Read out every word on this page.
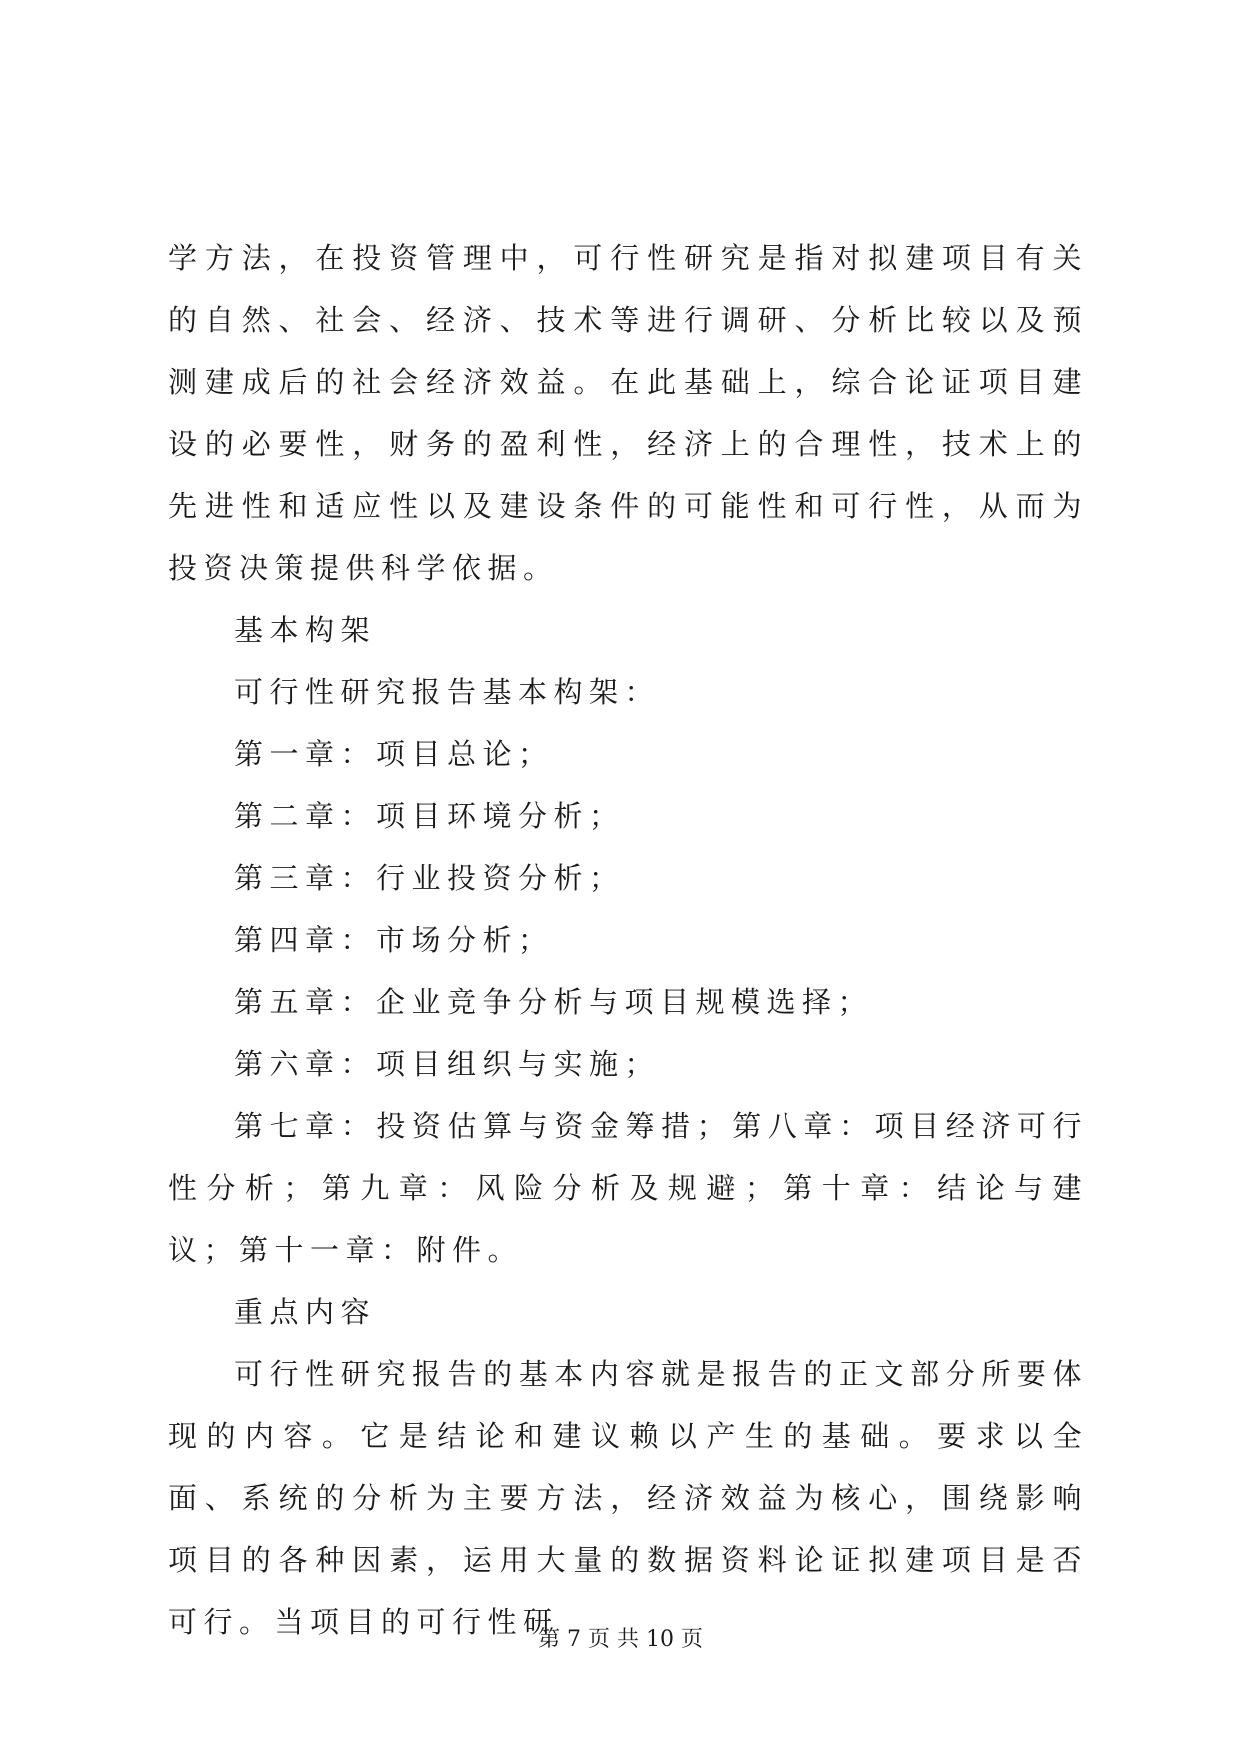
学方法，在投资管理中，可行性研究是指对拟建项目有关的自然、社会、经济、技术等进行调研、分析比较以及预测建成后的社会经济效益。在此基础上，综合论证项目建设的必要性，财务的盈利性，经济上的合理性，技术上的先进性和适应性以及建设条件的可能性和可行性，从而为投资决策提供科学依据。

基本构架

可行性研究报告基本构架：

第一章：项目总论；

第二章：项目环境分析；

第三章：行业投资分析；

第四章：市场分析；

第五章：企业竞争分析与项目规模选择；

第六章：项目组织与实施；

第七章：投资估算与资金筹措；第八章：项目经济可行性分析；第九章：风险分析及规避；第十章：结论与建议；第十一章：附件。

重点内容

可行性研究报告的基本内容就是报告的正文部分所要体现的内容。它是结论和建议赖以产生的基础。要求以全面、系统的分析为主要方法，经济效益为核心，围绕影响项目的各种因素，运用大量的数据资料论证拟建项目是否可行。当项目的可行性研

第 7 页 共 10 页
